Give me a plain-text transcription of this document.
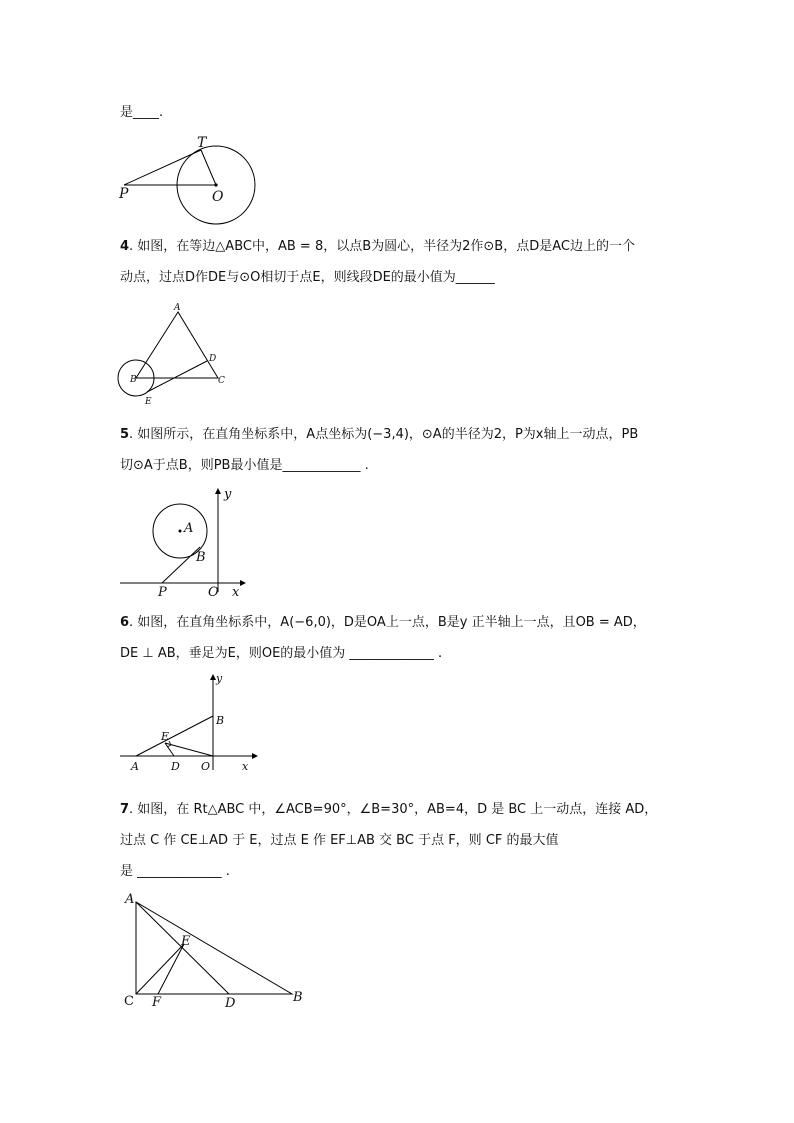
是____.
T
P	O
4. 如图，在等边△ABC中，AB = 8，以点B为圆心，半径为2作⊙B，点D是AC边上的一个
动点，过点D作DE与⊙O相切于点E，则线段DE的最小值为______
A
B	C
D
E
5. 如图所示，在直角坐标系中，A点坐标为(−3,4)，⊙A的半径为2，P为x轴上一动点，PB
切⊙A于点B，则PB最小值是____________ .
y
A
B
P	O x
6. 如图，在直角坐标系中，A(−6,0)，D是OA上一点，B是y 正半轴上一点，且OB = AD，
DE ⊥ AB，垂足为E，则OE的最小值为 _____________ .
y
B
E
A	D O	x
7. 如图，在 Rt△ABC 中，∠ACB=90°，∠B=30°，AB=4，D 是 BC 上一动点，连接 AD，
过点 C 作 CE⊥AD 于 E，过点 E 作 EF⊥AB 交 BC 于点 F，则 CF 的最大值
是 _____________ .
A
E
C F	D	B
